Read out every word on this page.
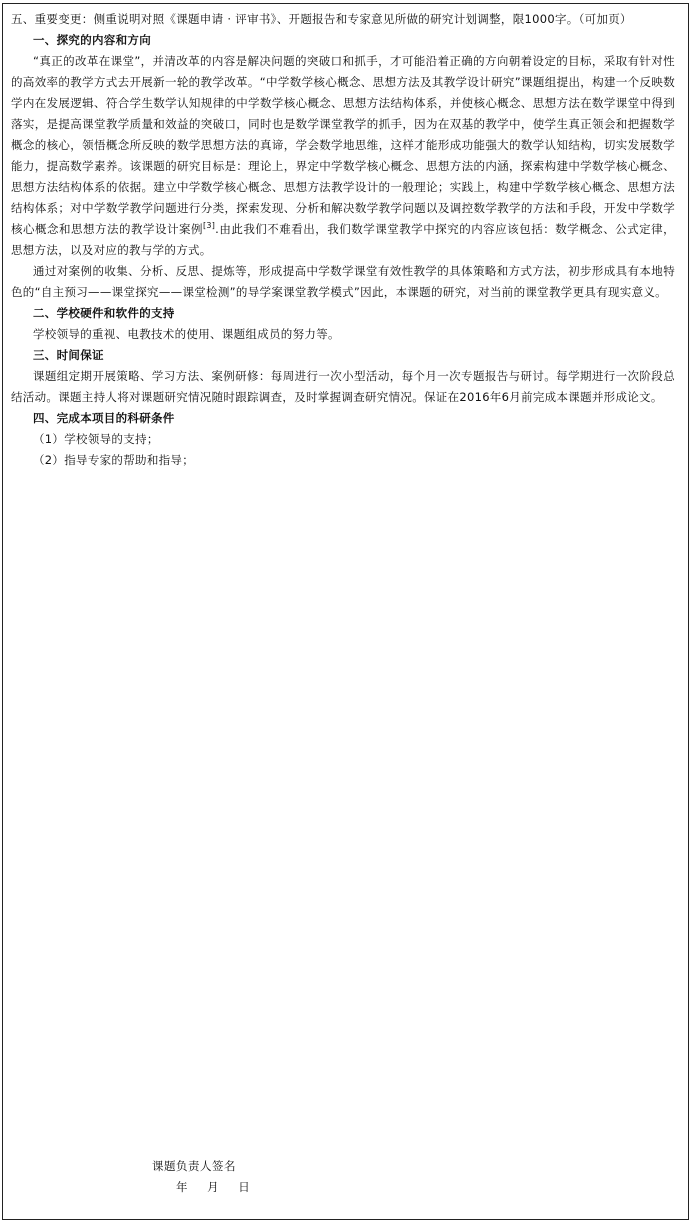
五、重要变更：侧重说明对照《课题申请 · 评审书》、开题报告和专家意见所做的研究计划调整，限1000字。（可加页）

一、探究的内容和方向

“真正的改革在课堂”，并清改革的内容是解决问题的突破口和抓手，才可能沿着正确的方向朝着设定的目标，采取有针对性的高效率的教学方式去开展新一轮的教学改革。“中学数学核心概念、思想方法及其教学设计研究”课题组提出，构建一个反映数学内在发展逻辑、符合学生数学认知规律的中学数学核心概念、思想方法结构体系，并使核心概念、思想方法在数学课堂中得到落实，是提高课堂教学质量和效益的突破口，同时也是数学课堂教学的抓手，因为在双基的教学中，使学生真正领会和把握数学概念的核心，领悟概念所反映的数学思想方法的真谛，学会数学地思维，这样才能形成功能强大的数学认知结构，切实发展数学能力，提高数学素养。该课题的研究目标是：理论上，界定中学数学核心概念、思想方法的内涵，探索构建中学数学核心概念、思想方法结构体系的依据。建立中学数学核心概念、思想方法教学设计的一般理论；实践上，构建中学数学核心概念、思想方法结构体系；对中学数学教学问题进行分类，探索发现、分析和解决数学教学问题以及调控数学教学的方法和手段，开发中学数学核心概念和思想方法的教学设计案例[3].由此我们不难看出，我们数学课堂教学中探究的内容应该包括：数学概念、公式定律，思想方法，以及对应的教与学的方式。

通过对案例的收集、分析、反思、提炼等，形成提高中学数学课堂有效性教学的具体策略和方式方法，初步形成具有本地特色的“自主预习——课堂探究——课堂检测”的导学案课堂教学模式”因此，本课题的研究，对当前的课堂教学更具有现实意义。

二、学校硬件和软件的支持

学校领导的重视、电教技术的使用、课题组成员的努力等。

三、时间保证

课题组定期开展策略、学习方法、案例研修：每周进行一次小型活动，每个月一次专题报告与研讨。每学期进行一次阶段总结活动。课题主持人将对课题研究情况随时跟踪调查，及时掌握调查研究情况。保证在2016年6月前完成本课题并形成论文。

四、完成本项目的科研条件

（1）学校领导的支持；

（2）指导专家的帮助和指导；

课题负责人签名
年 月 日
